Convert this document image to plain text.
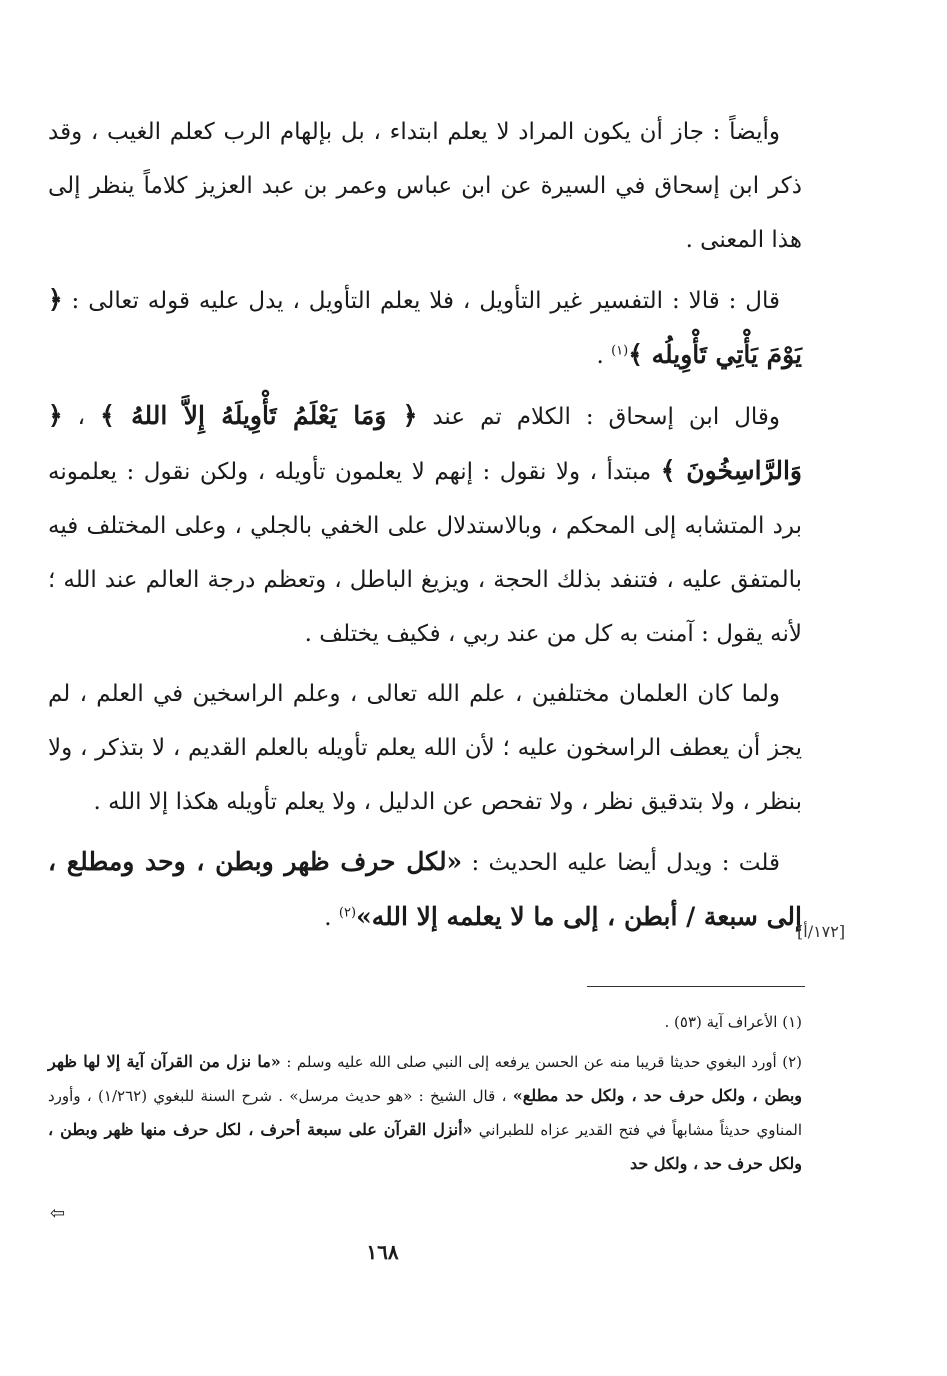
وأيضاً : جاز أن يكون المراد لا يعلم ابتداء ، بل بإلهام الرب كعلم الغيب ، وقد ذكر ابن إسحاق في السيرة عن ابن عباس وعمر بن عبد العزيز كلاماً ينظر إلى هذا المعنى .

قال : قالا : التفسير غير التأويل ، فلا يعلم التأويل ، يدل عليه قوله تعالى : ﴿ يَوْمَ يَأْتِي تَأْوِيلُه ﴾$^{(١)}$ .

وقال ابن إسحاق : الكلام تم عند ﴿ وَمَا يَعْلَمُ تَأْوِيلَهُ إِلاَّ اللهُ ﴾ ، ﴿ وَالرَّاسِخُونَ ﴾ مبتدأ ، ولا نقول : إنهم لا يعلمون تأويله ، ولكن نقول : يعلمونه برد المتشابه إلى المحكم ، وبالاستدلال على الخفي بالجلي ، وعلى المختلف فيه بالمتفق عليه ، فتنفد بذلك الحجة ، ويزيغ الباطل ، وتعظم درجة العالم عند الله ؛ لأنه يقول : آمنت به كل من عند ربي ، فكيف يختلف .

ولما كان العلمان مختلفين ، علم الله تعالى ، وعلم الراسخين في العلم ، لم يجز أن يعطف الراسخون عليه ؛ لأن الله يعلم تأويله بالعلم القديم ، لا بتذكر ، ولا بنظر ، ولا بتدقيق نظر ، ولا تفحص عن الدليل ، ولا يعلم تأويله هكذا إلا الله .

قلت : ويدل أيضا عليه الحديث : «لكل حرف ظهر وبطن ، وحد ومطلع ، إلى سبعة / أبطن ، إلى ما لا يعلمه إلا الله»$^{(٢)}$ .

[١٧٢/أ]

(١) الأعراف آية (٥٣) .

(٢) أورد البغوي حديثا قريبا منه عن الحسن يرفعه إلى النبي صلى الله عليه وسلم : «ما نزل من القرآن آية إلا لها ظهر وبطن ، ولكل حرف حد ، ولكل حد مطلع» ، قال الشيخ : «هو حديث مرسل» . شرح السنة للبغوي (١/٢٦٢) ، وأورد المناوي حديثاً مشابهاً في فتح القدير عزاه للطبراني «أنزل القرآن على سبعة أحرف ، لكل حرف منها ظهر وبطن ، ولكل حرف حد ، ولكل حد

⇦
١٦٨
